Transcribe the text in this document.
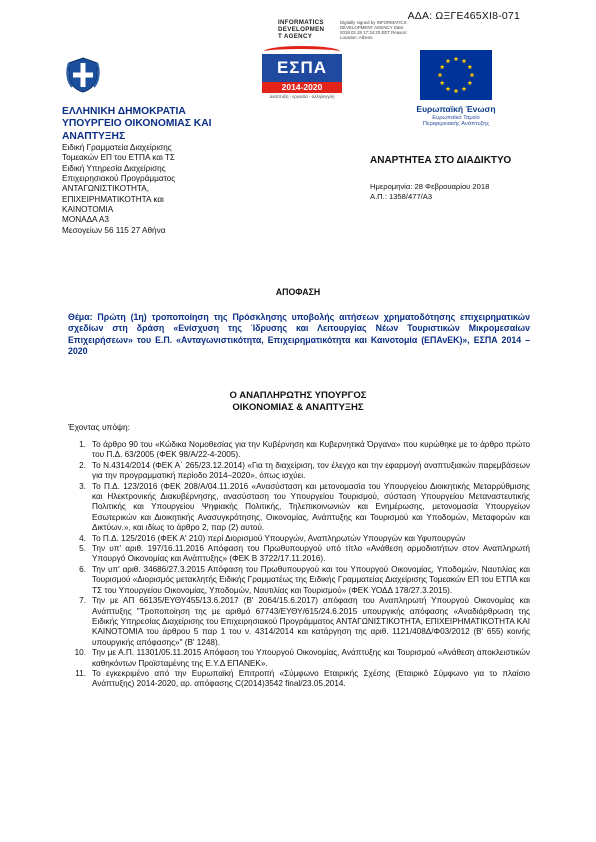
ΑΔΑ: ΩΞΓΕ465ΧΙ8-071
INFORMATICS
DEVELOPMEN
T AGENCY
Digitally signed by INFORMATICS DEVELOPMENT AGENCY Date: 2018.02.28 17:34:20 EET Reason: Location: Athens
ΕΣΠΑ
2014-2020
ανάπτυξη - εργασία - αλληλεγγύη
Ευρωπαϊκή Ένωση
Ευρωπαϊκό Ταμείο
Περιφερειακής Ανάπτυξης
ΕΛΛΗΝΙΚΗ ΔΗΜΟΚΡΑΤΙΑ
ΥΠΟΥΡΓΕΙΟ ΟΙΚΟΝΟΜΙΑΣ ΚΑΙ
ΑΝΑΠΤΥΞΗΣ
Ειδική Γραμματεία Διαχείρισης
Τομεακών ΕΠ του ΕΤΠΑ και ΤΣ
Ειδική Υπηρεσία Διαχείρισης
Επιχειρησιακού Προγράμματος
ΑΝΤΑΓΩΝΙΣΤΙΚΟΤΗΤΑ,
ΕΠΙΧΕΙΡΗΜΑΤΙΚΟΤΗΤΑ και
ΚΑΙΝΟΤΟΜΙΑ
ΜΟΝΑΔΑ Α3
Μεσογείων 56 115 27 Αθήνα
ΑΝΑΡΤΗΤΕΑ ΣΤΟ ΔΙΑΔΙΚΤΥΟ
Ημερομηνία: 28 Φεβρουαρίου 2018
Α.Π.: 1358/477/Α3
ΑΠΟΦΑΣΗ
Θέμα: Πρώτη (1η) τροποποίηση της Πρόσκλησης υποβολής αιτήσεων χρηματοδότησης επιχειρηματικών σχεδίων στη δράση «Ενίσχυση της Ίδρυσης και Λειτουργίας Νέων Τουριστικών Μικρομεσαίων Επιχειρήσεων» του Ε.Π. «Ανταγωνιστικότητα, Επιχειρηματικότητα και Καινοτομία (ΕΠΑνΕΚ)», ΕΣΠΑ 2014 – 2020
Ο ΑΝΑΠΛΗΡΩΤΗΣ ΥΠΟΥΡΓΟΣ
ΟΙΚΟΝΟΜΙΑΣ & ΑΝΑΠΤΥΞΗΣ
Έχοντας υπόψη:
1. Το άρθρο 90 του «Κώδικα Νομοθεσίας για την Κυβέρνηση και Κυβερνητικά Όργανα» που κυρώθηκε με το άρθρο πρώτο του Π.Δ. 63/2005 (ΦΕΚ 98/Α/22-4-2005).
2. Το Ν.4314/2014 (ΦΕΚ Α΄ 265/23.12.2014) «Για τη διαχείριση, τον έλεγχο και την εφαρμογή αναπτυξιακών παρεμβάσεων για την προγραμματική περίοδο 2014–2020», όπως ισχύει.
3. Το Π.Δ. 123/2016 (ΦΕΚ 208/Α/04.11.2016 «Ανασύσταση και μετονομασία του Υπουργείου Διοικητικής Μεταρρύθμισης και Ηλεκτρονικής Διακυβέρνησης, ανασύσταση του Υπουργείου Τουρισμού, σύσταση Υπουργείου Μεταναστευτικής Πολιτικής και Υπουργείου Ψηφιακής Πολιτικής, Τηλεπικοινωνιών και Ενημέρωσης, μετονομασία Υπουργείων Εσωτερικών και Διοικητικής Ανασυγκρότησης, Οικονομίας, Ανάπτυξης και Τουρισμού και Υποδομών, Μεταφορών και Δικτύων.», και ιδίως το άρθρο 2, παρ (2) αυτού.
4. Το Π.Δ. 125/2016 (ΦΕΚ Α' 210) περί Διορισμού Υπουργών, Αναπληρωτών Υπουργών και Υφυπουργών
5. Την υπ' αριθ. 197/16.11.2016 Απόφαση του Πρωθυπουργού υπό τίτλο «Ανάθεση αρμοδιοτήτων στον Αναπληρωτή Υπουργό Οικονομίας και Ανάπτυξης» (ΦΕΚ Β 3722/17.11.2016).
6. Την υπ' αριθ. 34686/27.3.2015 Απόφαση του Πρωθυπουργού και του Υπουργού Οικονομίας, Υποδομών, Ναυτιλίας και Τουρισμού «Διορισμός μετακλητής Ειδικής Γραμματέως της Ειδικής Γραμματείας Διαχείρισης Τομεακών ΕΠ του ΕΤΠΑ και ΤΣ του Υπουργείου Οικονομίας, Υποδομών, Ναυτιλίας και Τουρισμού» (ΦΕΚ ΥΟΔΔ 178/27.3.2015).
7. Την με ΑΠ 66135/ΕΥΘΥ455/13.6.2017 (Β' 2064/15.6.2017) απόφαση του Αναπληρωτή Υπουργού Οικονομίας και Ανάπτυξης "Τροποποίηση της με αριθμό 67743/ΕΥΘΥ/615/24.6.2015 υπουργικής απόφασης «Αναδιάρθρωση της Ειδικής Υπηρεσίας Διαχείρισης του Επιχειρησιακού Προγράμματος ΑΝΤΑΓΩΝΙΣΤΙΚΟΤΗΤΑ, ΕΠΙΧΕΙΡΗΜΑΤΙΚΟΤΗΤΑ ΚΑΙ ΚΑΙΝΟΤΟΜΙΑ του άρθρου 5 παρ 1 του ν. 4314/2014 και κατάργηση της αριθ. 1121/408Δ/Φ03/2012 (Β' 655) κοινής υπουργικής απόφασης»" (Β' 1248).
10. Την με Α.Π. 11301/05.11.2015 Απόφαση του Υπουργού Οικονομίας, Ανάπτυξης και Τουρισμού «Ανάθεση αποκλειστικών καθηκόντων Προϊσταμένης της Ε.Υ.Δ ΕΠΑΝΕΚ».
11. Το εγκεκριμένο από την Ευρωπαϊκή Επιτροπή «Σύμφωνο Εταιρικής Σχέσης (Εταιρικό Σύμφωνο για το πλαίσιο Ανάπτυξης) 2014-2020, αρ. απόφασης C(2014)3542 final/23.05.2014.
